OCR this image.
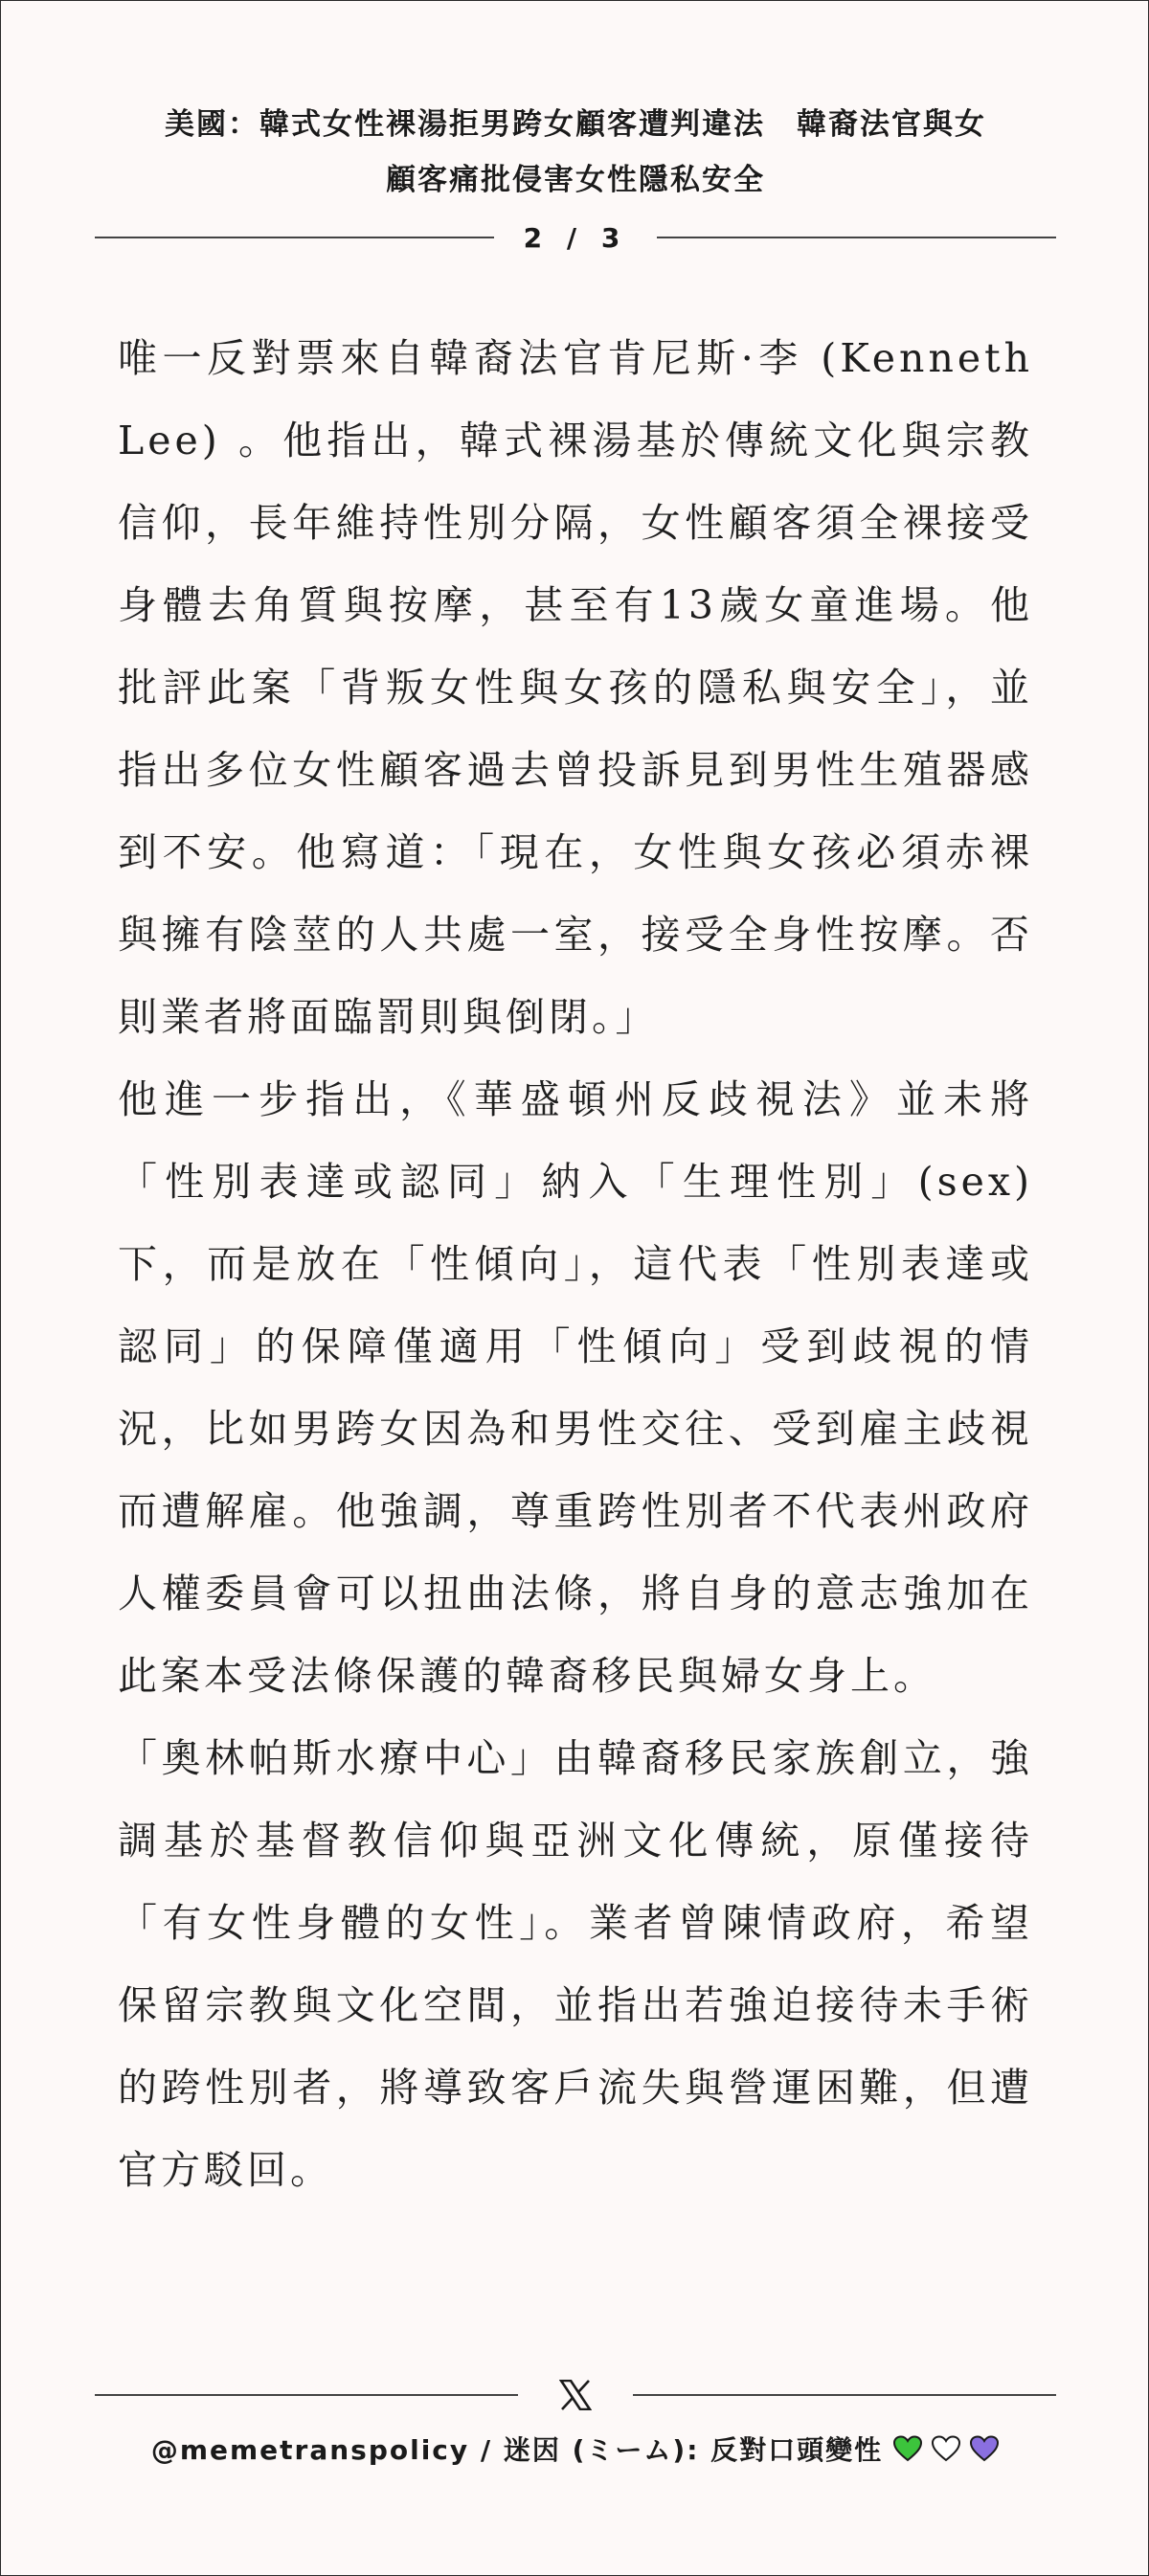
美國：韓式女性裸湯拒男跨女顧客遭判違法　韓裔法官與女
顧客痛批侵害女性隱私安全
2 / 3

唯一反對票來自韓裔法官肯尼斯·李 (Kenneth Lee) 。他指出，韓式裸湯基於傳統文化與宗教信仰，長年維持性別分隔，女性顧客須全裸接受身體去角質與按摩，甚至有13歲女童進場。他批評此案「背叛女性與女孩的隱私與安全」，並指出多位女性顧客過去曾投訴見到男性生殖器感到不安。他寫道：「現在，女性與女孩必須赤裸與擁有陰莖的人共處一室，接受全身性按摩。否則業者將面臨罰則與倒閉。」

他進一步指出，《華盛頓州反歧視法》並未將「性別表達或認同」納入「生理性別」(sex) 下，而是放在「性傾向」，這代表「性別表達或認同」的保障僅適用「性傾向」受到歧視的情況，比如男跨女因為和男性交往、受到雇主歧視而遭解雇。他強調，尊重跨性別者不代表州政府人權委員會可以扭曲法條，將自身的意志強加在此案本受法條保護的韓裔移民與婦女身上。

「奧林帕斯水療中心」由韓裔移民家族創立，強調基於基督教信仰與亞洲文化傳統，原僅接待「有女性身體的女性」。業者曾陳情政府，希望保留宗教與文化空間，並指出若強迫接待未手術的跨性別者，將導致客戶流失與營運困難，但遭官方駁回。

@memetranspolicy / 迷因 (ミーム): 反對口頭變性
